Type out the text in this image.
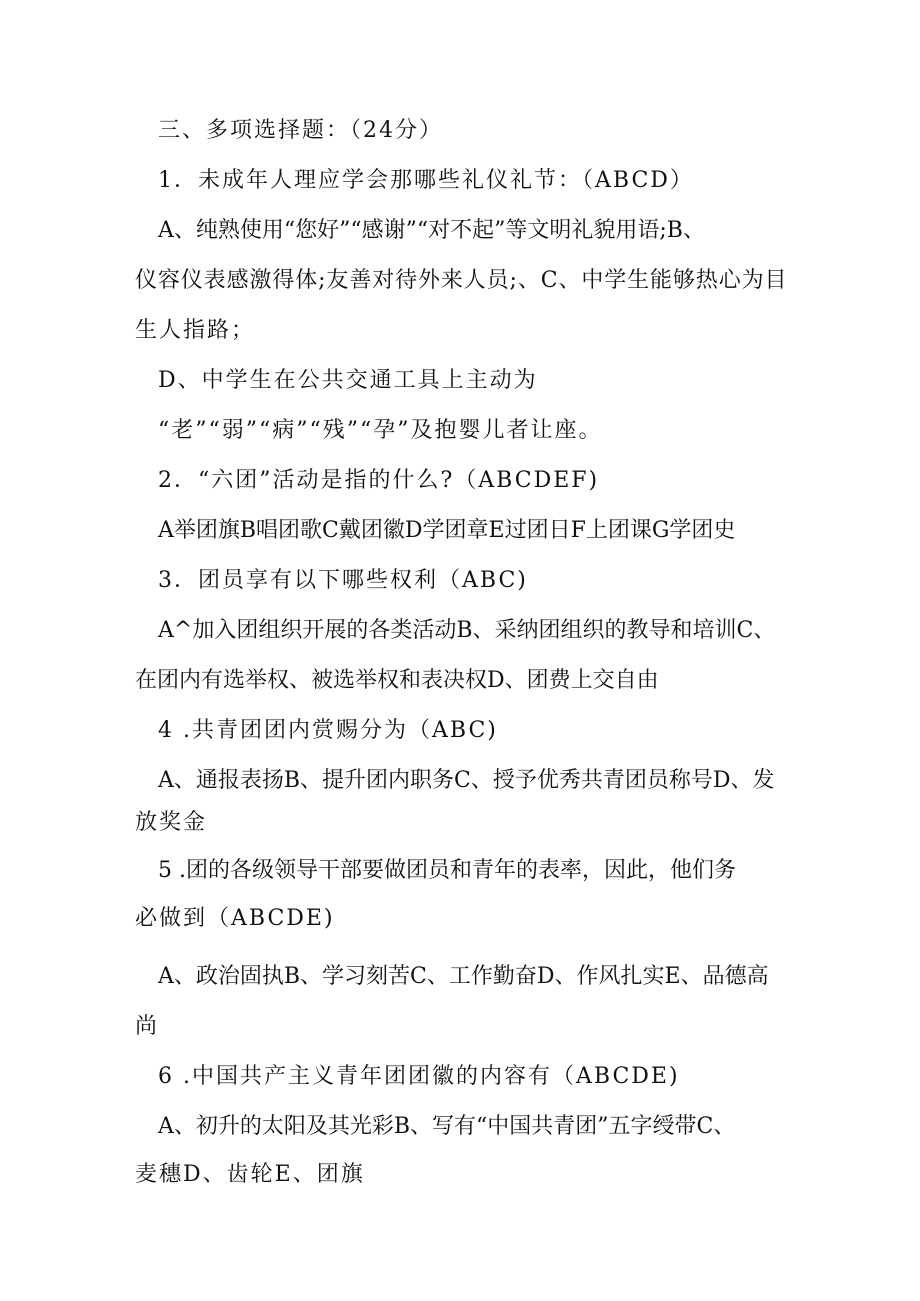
三、多项选择题：（24分）
1．未成年人理应学会那哪些礼仪礼节：（ABCD）
A、纯熟使用“您好”“感谢”“对不起”等文明礼貌用语;B、
仪容仪表感激得体;友善对待外来人员;、C、中学生能够热心为目
生人指路；
D、中学生在公共交通工具上主动为
“老”“弱”“病”“残”“孕”及抱婴儿者让座。
2．“六团”活动是指的什么?（ABCDEF)
A举团旗B唱团歌C戴团徽D学团章E过团日F上团课G学团史
3．团员享有以下哪些权利（ABC)
A^加入团组织开展的各类活动B、采纳团组织的教导和培训C、
在团内有选举权、被选举权和表决权D、团费上交自由
4 .共青团团内赏赐分为（ABC)
A、通报表扬B、提升团内职务C、授予优秀共青团员称号D、发
放奖金
5 .团的各级领导干部要做团员和青年的表率，因此，他们务
必做到（ABCDE)
A、政治固执B、学习刻苦C、工作勤奋D、作风扎实E、品德高
尚
6 .中国共产主义青年团团徽的内容有（ABCDE)
A、初升的太阳及其光彩B、写有“中国共青团”五字绶带C、
麦穗D、齿轮E、团旗
